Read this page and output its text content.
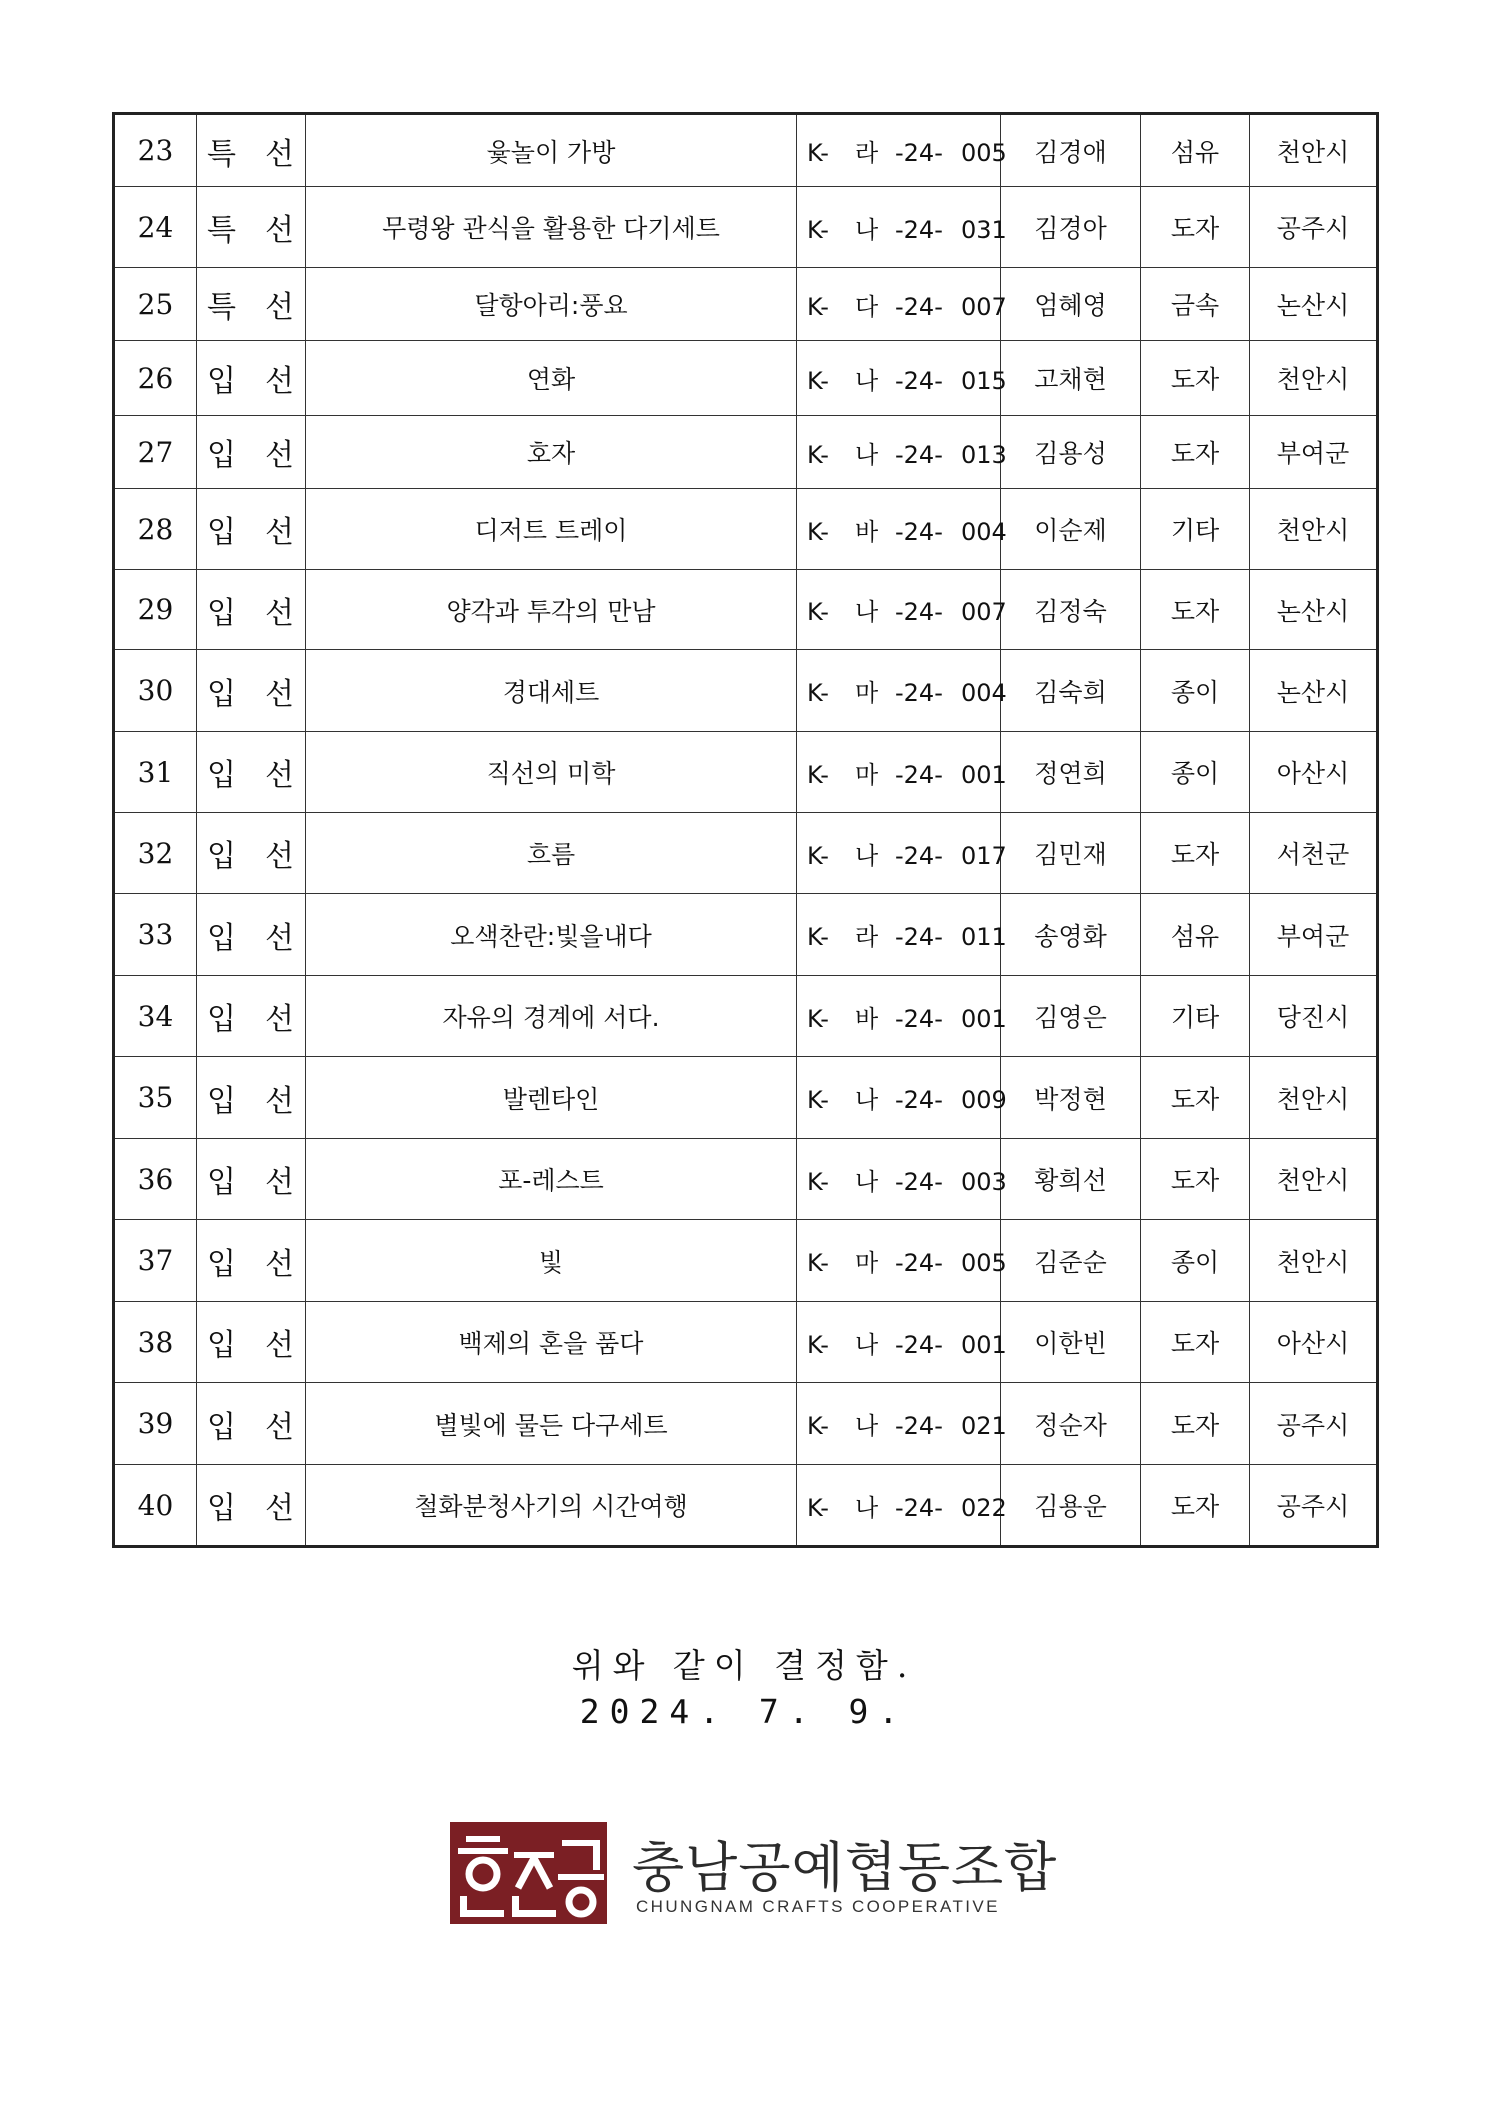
23	특 선	윷놀이 가방	K- 라 -24- 005	김경애	섬유	천안시
24	특 선	무령왕 관식을 활용한 다기세트	K- 나 -24- 031	김경아	도자	공주시
25	특 선	달항아리:풍요	K- 다 -24- 007	엄혜영	금속	논산시
26	입 선	연화	K- 나 -24- 015	고채현	도자	천안시
27	입 선	호자	K- 나 -24- 013	김용성	도자	부여군
28	입 선	디저트 트레이	K- 바 -24- 004	이순제	기타	천안시
29	입 선	양각과 투각의 만남	K- 나 -24- 007	김정숙	도자	논산시
30	입 선	경대세트	K- 마 -24- 004	김숙희	종이	논산시
31	입 선	직선의 미학	K- 마 -24- 001	정연희	종이	아산시
32	입 선	흐름	K- 나 -24- 017	김민재	도자	서천군
33	입 선	오색찬란:빛을내다	K- 라 -24- 011	송영화	섬유	부여군
34	입 선	자유의 경계에 서다.	K- 바 -24- 001	김영은	기타	당진시
35	입 선	발렌타인	K- 나 -24- 009	박정현	도자	천안시
36	입 선	포-레스트	K- 나 -24- 003	황희선	도자	천안시
37	입 선	빛	K- 마 -24- 005	김준순	종이	천안시
38	입 선	백제의 혼을 품다	K- 나 -24- 001	이한빈	도자	아산시
39	입 선	별빛에 물든 다구세트	K- 나 -24- 021	정순자	도자	공주시
40	입 선	철화분청사기의 시간여행	K- 나 -24- 022	김용운	도자	공주시
위와 같이 결정함.
2024. 7. 9.
충남공예협동조합
CHUNGNAM CRAFTS COOPERATIVE
